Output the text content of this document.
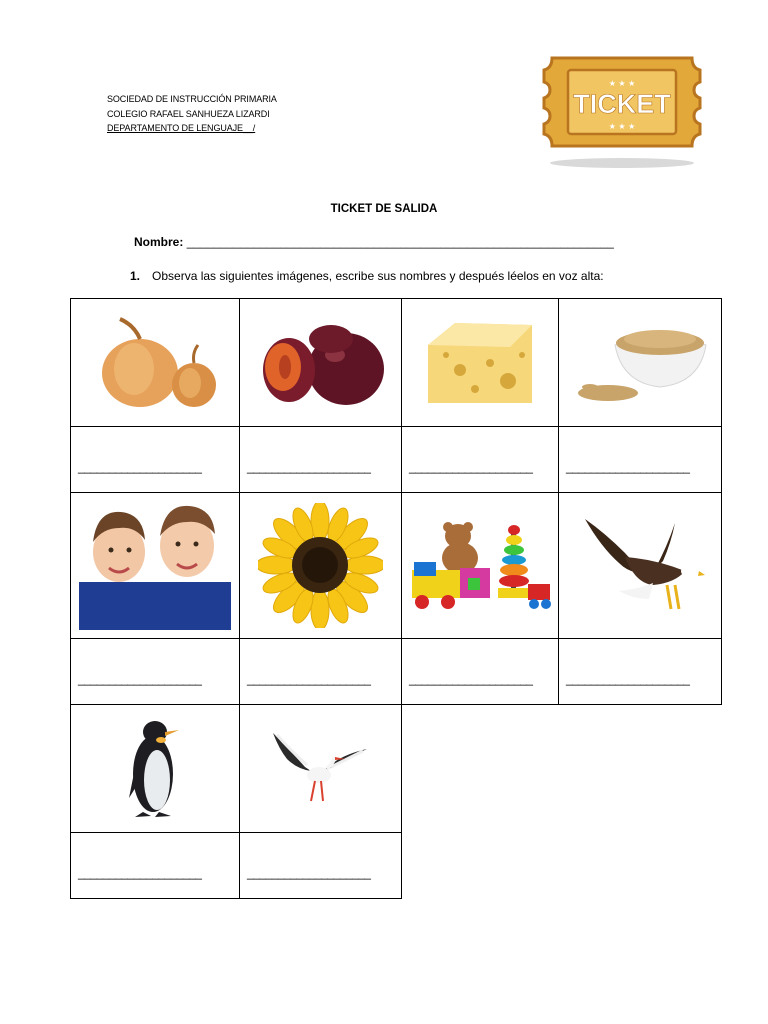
SOCIEDAD DE INSTRUCCIÓN PRIMARIA
COLEGIO RAFAEL SANHUEZA LIZARDI
DEPARTAMENTO DE LENGUAJE__/
TICKET
★ ★ ★
★ ★ ★
TICKET DE SALIDA
Nombre: ________________________________________________________________
1. Observa las siguientes imágenes, escribe sus nombres y después léelos en voz alta:
____________________	____________________	____________________	____________________
____________________	____________________	____________________	____________________
____________________	____________________
